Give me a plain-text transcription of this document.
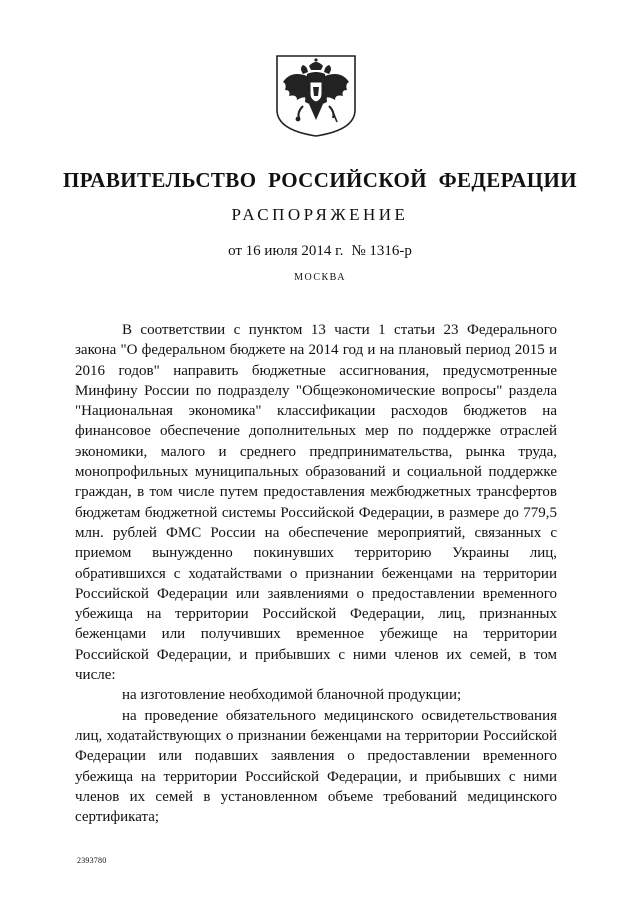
ПРАВИТЕЛЬСТВО РОССИЙСКОЙ ФЕДЕРАЦИИ
РАСПОРЯЖЕНИЕ
от 16 июля 2014 г. № 1316-р
МОСКВА

В соответствии с пунктом 13 части 1 статьи 23 Федерального закона "О федеральном бюджете на 2014 год и на плановый период 2015 и 2016 годов" направить бюджетные ассигнования, предусмотренные Минфину России по подразделу "Общеэкономические вопросы" раздела "Национальная экономика" классификации расходов бюджетов на финансовое обеспечение дополнительных мер по поддержке отраслей экономики, малого и среднего предпринимательства, рынка труда, монопрофильных муниципальных образований и социальной поддержке граждан, в том числе путем предоставления межбюджетных трансфертов бюджетам бюджетной системы Российской Федерации, в размере до 779,5 млн. рублей ФМС России на обеспечение мероприятий, связанных с приемом вынужденно покинувших территорию Украины лиц, обратившихся с ходатайствами о признании беженцами на территории Российской Федерации или заявлениями о предоставлении временного убежища на территории Российской Федерации, лиц, признанных беженцами или получивших временное убежище на территории Российской Федерации, и прибывших с ними членов их семей, в том числе:

на изготовление необходимой бланочной продукции;

на проведение обязательного медицинского освидетельствования лиц, ходатайствующих о признании беженцами на территории Российской Федерации или подавших заявления о предоставлении временного убежища на территории Российской Федерации, и прибывших с ними членов их семей в установленном объеме требований медицинского сертификата;

2393780
